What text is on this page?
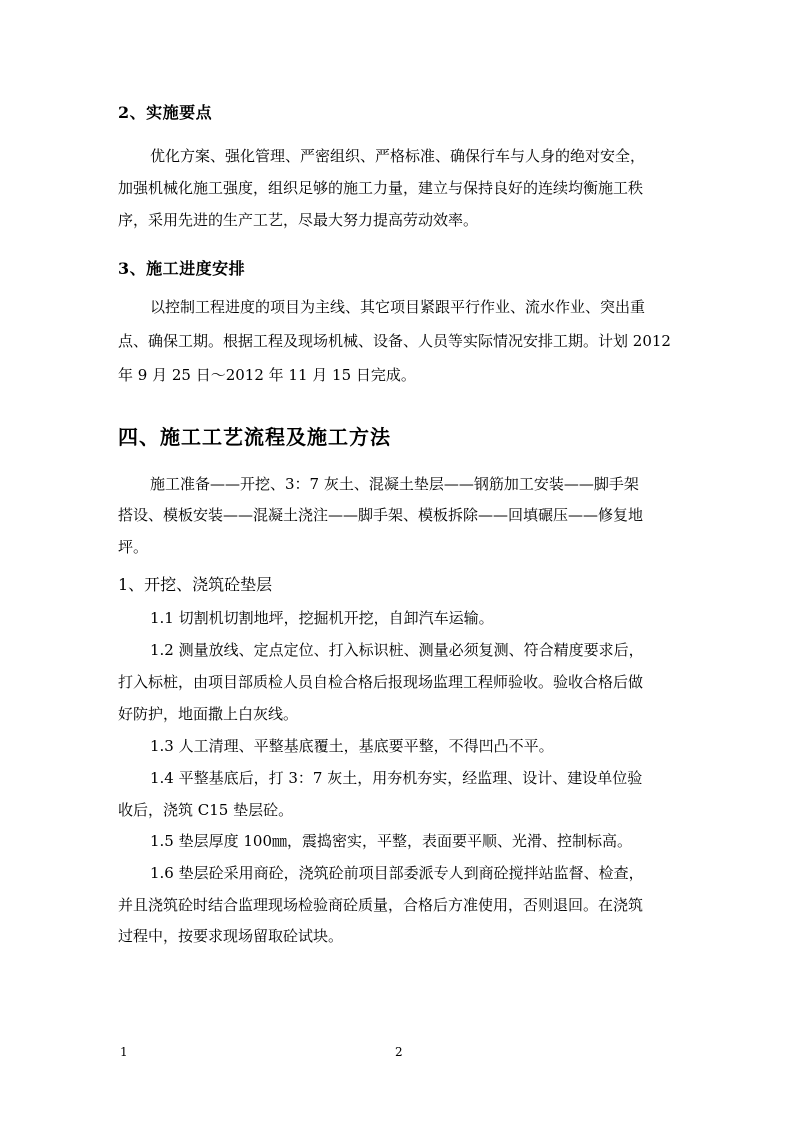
2、实施要点
优化方案、强化管理、严密组织、严格标准、确保行车与人身的绝对安全，
加强机械化施工强度，组织足够的施工力量，建立与保持良好的连续均衡施工秩
序，采用先进的生产工艺，尽最大努力提高劳动效率。
3、施工进度安排
以控制工程进度的项目为主线、其它项目紧跟平行作业、流水作业、突出重
点、确保工期。根据工程及现场机械、设备、人员等实际情况安排工期。计划 2012
年 9 月 25 日～2012 年 11 月 15 日完成。
四、施工工艺流程及施工方法
施工准备——开挖、3：7 灰土、混凝土垫层——钢筋加工安装——脚手架
搭设、模板安装——混凝土浇注——脚手架、模板拆除——回填碾压——修复地
坪。
1、开挖、浇筑砼垫层
1.1 切割机切割地坪，挖掘机开挖，自卸汽车运输。
1.2 测量放线、定点定位、打入标识桩、测量必须复测、符合精度要求后，
打入标桩，由项目部质检人员自检合格后报现场监理工程师验收。验收合格后做
好防护，地面撒上白灰线。
1.3 人工清理、平整基底覆土，基底要平整，不得凹凸不平。
1.4 平整基底后，打 3：7 灰土，用夯机夯实，经监理、设计、建设单位验
收后，浇筑 C15 垫层砼。
1.5 垫层厚度 100㎜，震捣密实，平整，表面要平顺、光滑、控制标高。
1.6 垫层砼采用商砼，浇筑砼前项目部委派专人到商砼搅拌站监督、检查，
并且浇筑砼时结合监理现场检验商砼质量，合格后方准使用，否则退回。在浇筑
过程中，按要求现场留取砼试块。
1	2
